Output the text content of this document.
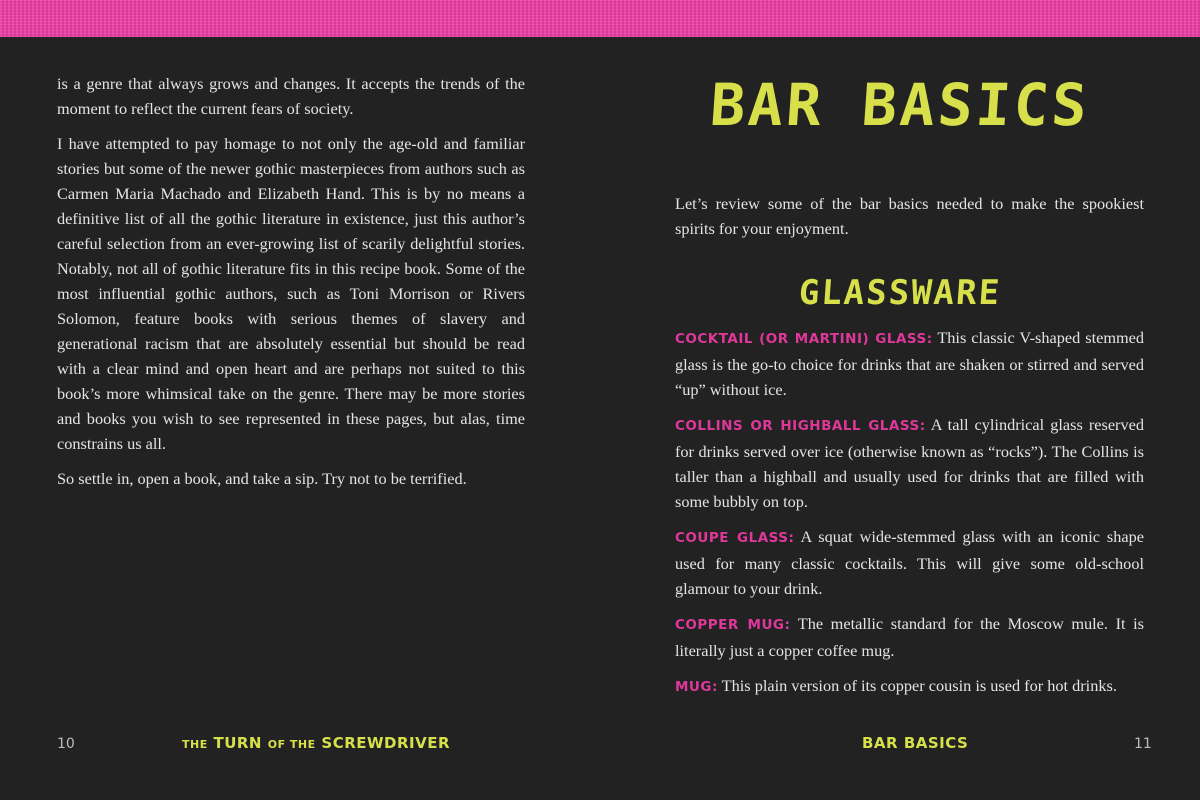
is a genre that always grows and changes. It accepts the trends of the moment to reflect the current fears of society.

I have attempted to pay homage to not only the age-old and familiar stories but some of the newer gothic masterpieces from authors such as Carmen Maria Machado and Elizabeth Hand. This is by no means a definitive list of all the gothic literature in existence, just this author’s careful selection from an ever-growing list of scarily delightful stories. Notably, not all of gothic literature fits in this recipe book. Some of the most influential gothic authors, such as Toni Morrison or Rivers Solomon, feature books with serious themes of slavery and generational racism that are absolutely essential but should be read with a clear mind and open heart and are perhaps not suited to this book’s more whimsical take on the genre. There may be more stories and books you wish to see represented in these pages, but alas, time constrains us all.

So settle in, open a book, and take a sip. Try not to be terrified.

10	THE TURN OF THE SCREWDRIVER
BAR BASICS
Let’s review some of the bar basics needed to make the spookiest spirits for your enjoyment.
GLASSWARE

COCKTAIL (OR MARTINI) GLASS: This classic V-shaped stemmed glass is the go-to choice for drinks that are shaken or stirred and served “up” without ice.

COLLINS OR HIGHBALL GLASS: A tall cylindrical glass reserved for drinks served over ice (otherwise known as “rocks”). The Collins is taller than a highball and usually used for drinks that are filled with some bubbly on top.

COUPE GLASS: A squat wide-stemmed glass with an iconic shape used for many classic cocktails. This will give some old-school glamour to your drink.

COPPER MUG: The metallic standard for the Moscow mule. It is literally just a copper coffee mug.

MUG: This plain version of its copper cousin is used for hot drinks.

BAR BASICS	11
